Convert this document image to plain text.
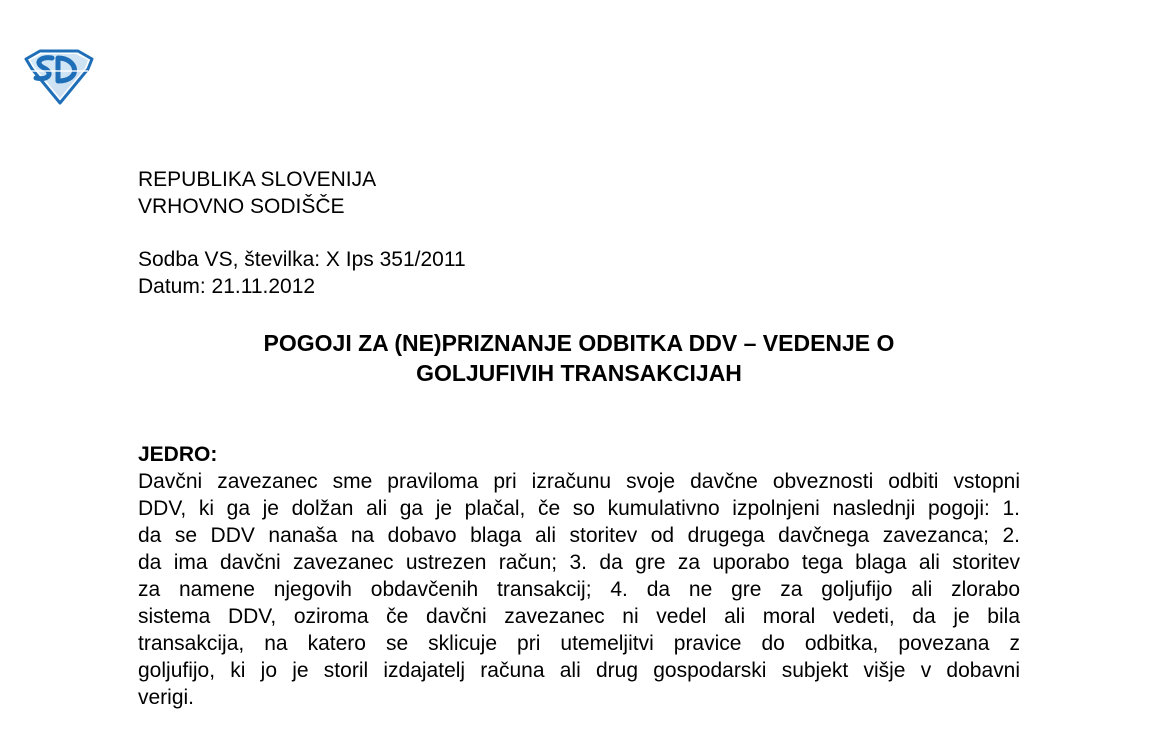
REPUBLIKA SLOVENIJA
VRHOVNO SODIŠČE
Sodba VS, številka: X Ips 351/2011
Datum: 21.11.2012
POGOJI ZA (NE)PRIZNANJE ODBITKA DDV – VEDENJE O
GOLJUFIVIH TRANSAKCIJAH
JEDRO:
Davčni zavezanec sme praviloma pri izračunu svoje davčne obveznosti odbiti vstopni
DDV, ki ga je dolžan ali ga je plačal, če so kumulativno izpolnjeni naslednji pogoji: 1.
da se DDV nanaša na dobavo blaga ali storitev od drugega davčnega zavezanca; 2.
da ima davčni zavezanec ustrezen račun; 3. da gre za uporabo tega blaga ali storitev
za namene njegovih obdavčenih transakcij; 4. da ne gre za goljufijo ali zlorabo
sistema DDV, oziroma če davčni zavezanec ni vedel ali moral vedeti, da je bila
transakcija, na katero se sklicuje pri utemeljitvi pravice do odbitka, povezana z
goljufijo, ki jo je storil izdajatelj računa ali drug gospodarski subjekt višje v dobavni
verigi.
